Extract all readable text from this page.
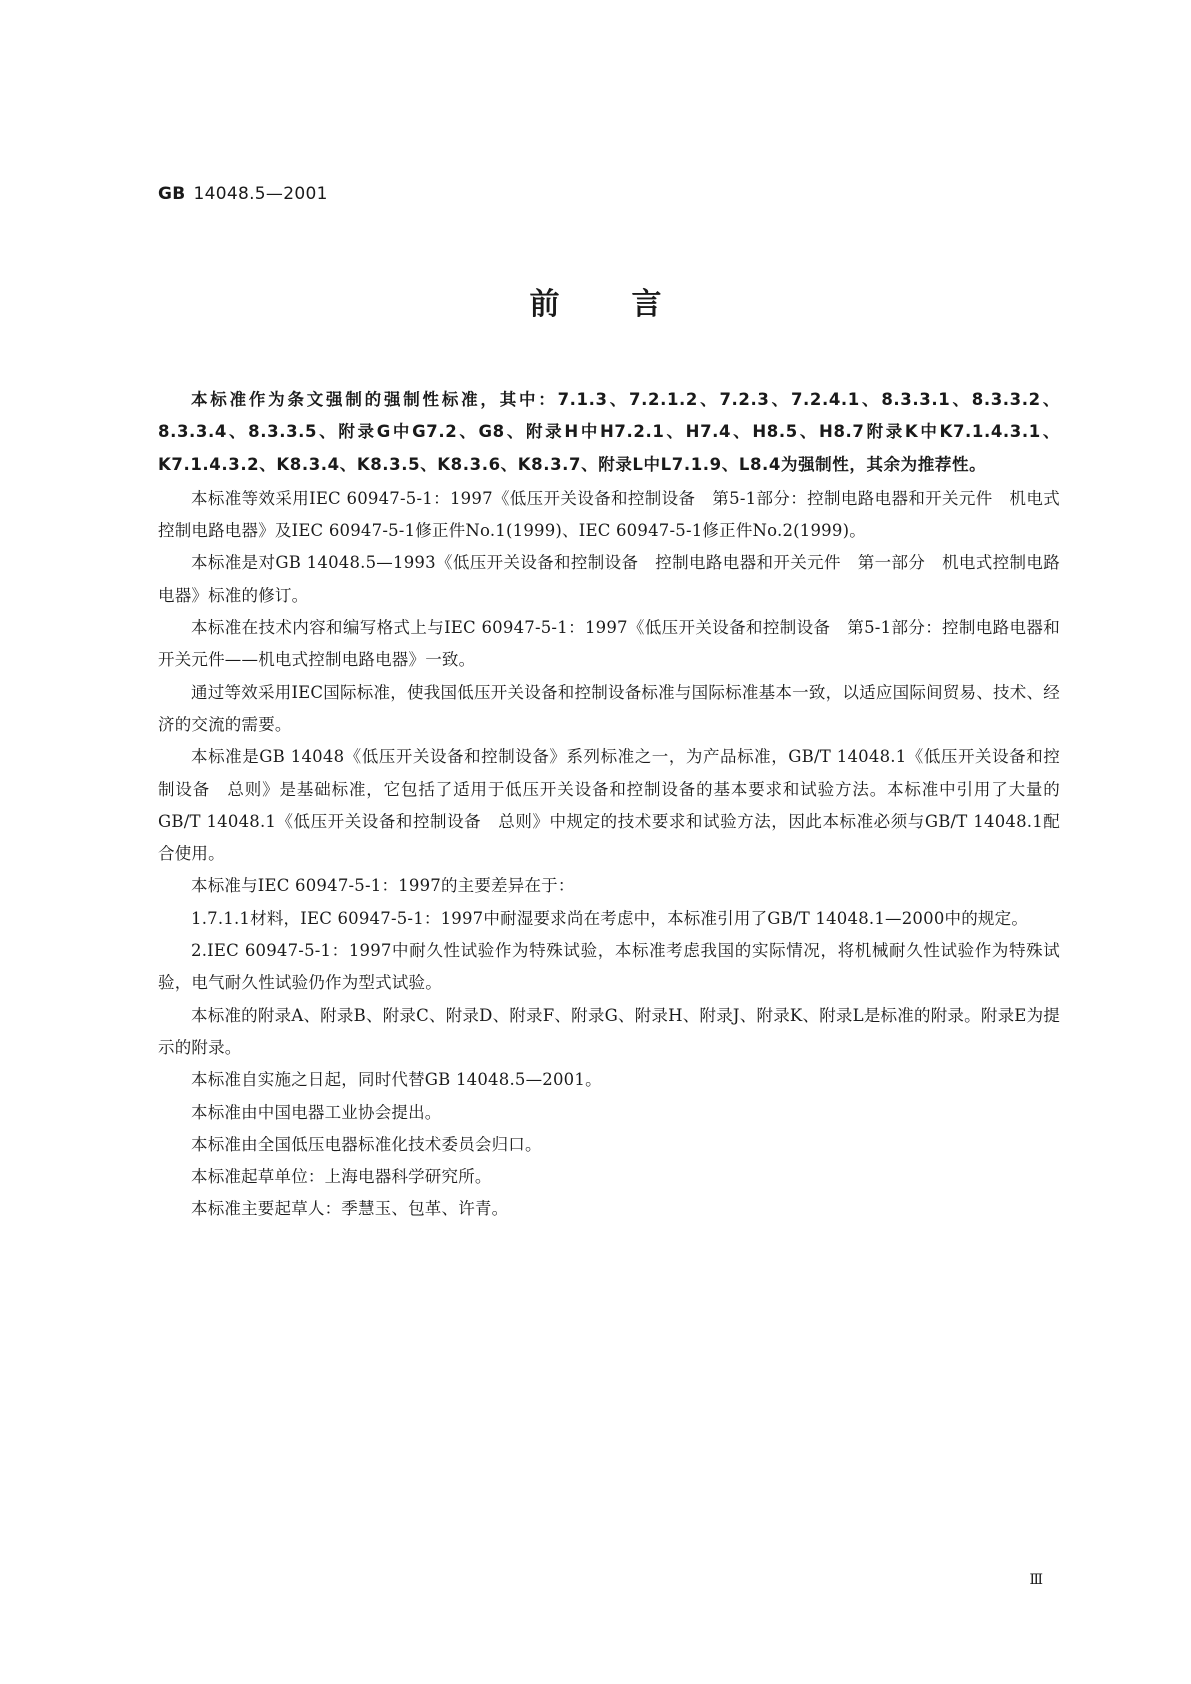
GB 14048.5—2001
前言

本标准作为条文强制的强制性标准，其中：7.1.3、7.2.1.2、7.2.3、7.2.4.1、8.3.3.1、8.3.3.2、8.3.3.4、8.3.3.5、附录G中G7.2、G8、附录H中H7.2.1、H7.4、H8.5、H8.7附录K中K7.1.4.3.1、K7.1.4.3.2、K8.3.4、K8.3.5、K8.3.6、K8.3.7、附录L中L7.1.9、L8.4为强制性，其余为推荐性。

本标准等效采用IEC 60947-5-1：1997《低压开关设备和控制设备　第5-1部分：控制电路电器和开关元件　机电式控制电路电器》及IEC 60947-5-1修正件No.1(1999)、IEC 60947-5-1修正件No.2(1999)。

本标准是对GB 14048.5—1993《低压开关设备和控制设备　控制电路电器和开关元件　第一部分　机电式控制电路电器》标准的修订。

本标准在技术内容和编写格式上与IEC 60947-5-1：1997《低压开关设备和控制设备　第5-1部分：控制电路电器和开关元件——机电式控制电路电器》一致。

通过等效采用IEC国际标准，使我国低压开关设备和控制设备标准与国际标准基本一致，以适应国际间贸易、技术、经济的交流的需要。

本标准是GB 14048《低压开关设备和控制设备》系列标准之一，为产品标准，GB/T 14048.1《低压开关设备和控制设备　总则》是基础标准，它包括了适用于低压开关设备和控制设备的基本要求和试验方法。本标准中引用了大量的GB/T 14048.1《低压开关设备和控制设备　总则》中规定的技术要求和试验方法，因此本标准必须与GB/T 14048.1配合使用。

本标准与IEC 60947-5-1：1997的主要差异在于：

1.7.1.1材料，IEC 60947-5-1：1997中耐湿要求尚在考虑中，本标准引用了GB/T 14048.1—2000中的规定。

2.IEC 60947-5-1：1997中耐久性试验作为特殊试验，本标准考虑我国的实际情况，将机械耐久性试验作为特殊试验，电气耐久性试验仍作为型式试验。

本标准的附录A、附录B、附录C、附录D、附录F、附录G、附录H、附录J、附录K、附录L是标准的附录。附录E为提示的附录。

本标准自实施之日起，同时代替GB 14048.5—2001。

本标准由中国电器工业协会提出。

本标准由全国低压电器标准化技术委员会归口。

本标准起草单位：上海电器科学研究所。

本标准主要起草人：季慧玉、包革、许青。

Ⅲ
